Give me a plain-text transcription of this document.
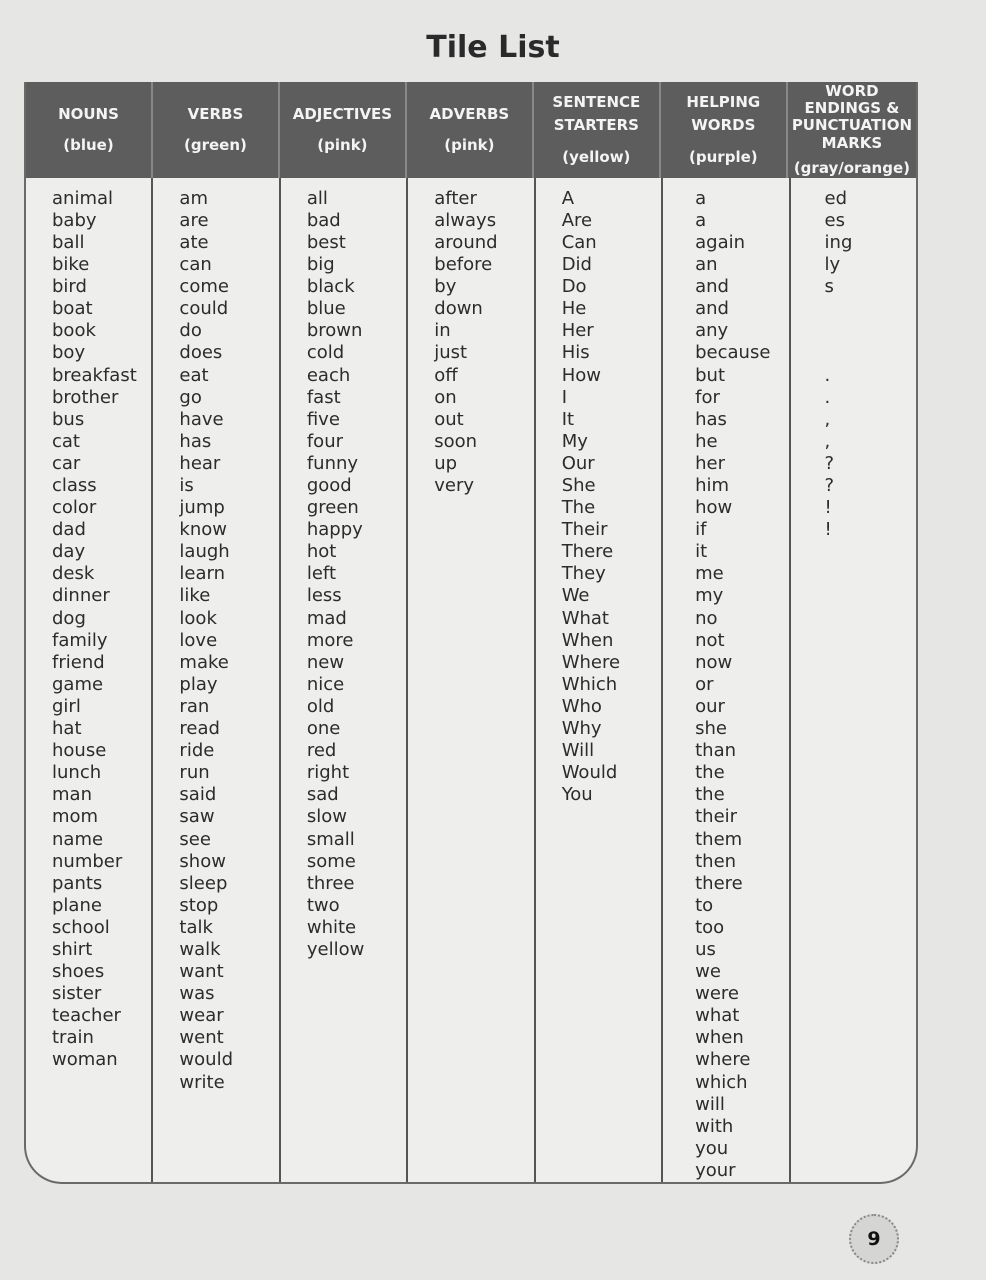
Tile List
NOUNS
(blue)
VERBS
(green)
ADJECTIVES
(pink)
ADVERBS
(pink)
SENTENCE STARTERS
(yellow)
HELPING WORDS
(purple)
WORD ENDINGS & PUNCTUATION MARKS
(gray/orange)
animal
baby
ball
bike
bird
boat
book
boy
breakfast
brother
bus
cat
car
class
color
dad
day
desk
dinner
dog
family
friend
game
girl
hat
house
lunch
man
mom
name
number
pants
plane
school
shirt
shoes
sister
teacher
train
woman
am
are
ate
can
come
could
do
does
eat
go
have
has
hear
is
jump
know
laugh
learn
like
look
love
make
play
ran
read
ride
run
said
saw
see
show
sleep
stop
talk
walk
want
was
wear
went
would
write
all
bad
best
big
black
blue
brown
cold
each
fast
five
four
funny
good
green
happy
hot
left
less
mad
more
new
nice
old
one
red
right
sad
slow
small
some
three
two
white
yellow
after
always
around
before
by
down
in
just
off
on
out
soon
up
very
A
Are
Can
Did
Do
He
Her
His
How
I
It
My
Our
She
The
Their
There
They
We
What
When
Where
Which
Who
Why
Will
Would
You
a
a
again
an
and
and
any
because
but
for
has
he
her
him
how
if
it
me
my
no
not
now
or
our
she
than
the
the
their
them
then
there
to
too
us
we
were
what
when
where
which
will
with
you
your
ed
es
ing
ly
s
.
.
,
,
?
?
!
!
9
